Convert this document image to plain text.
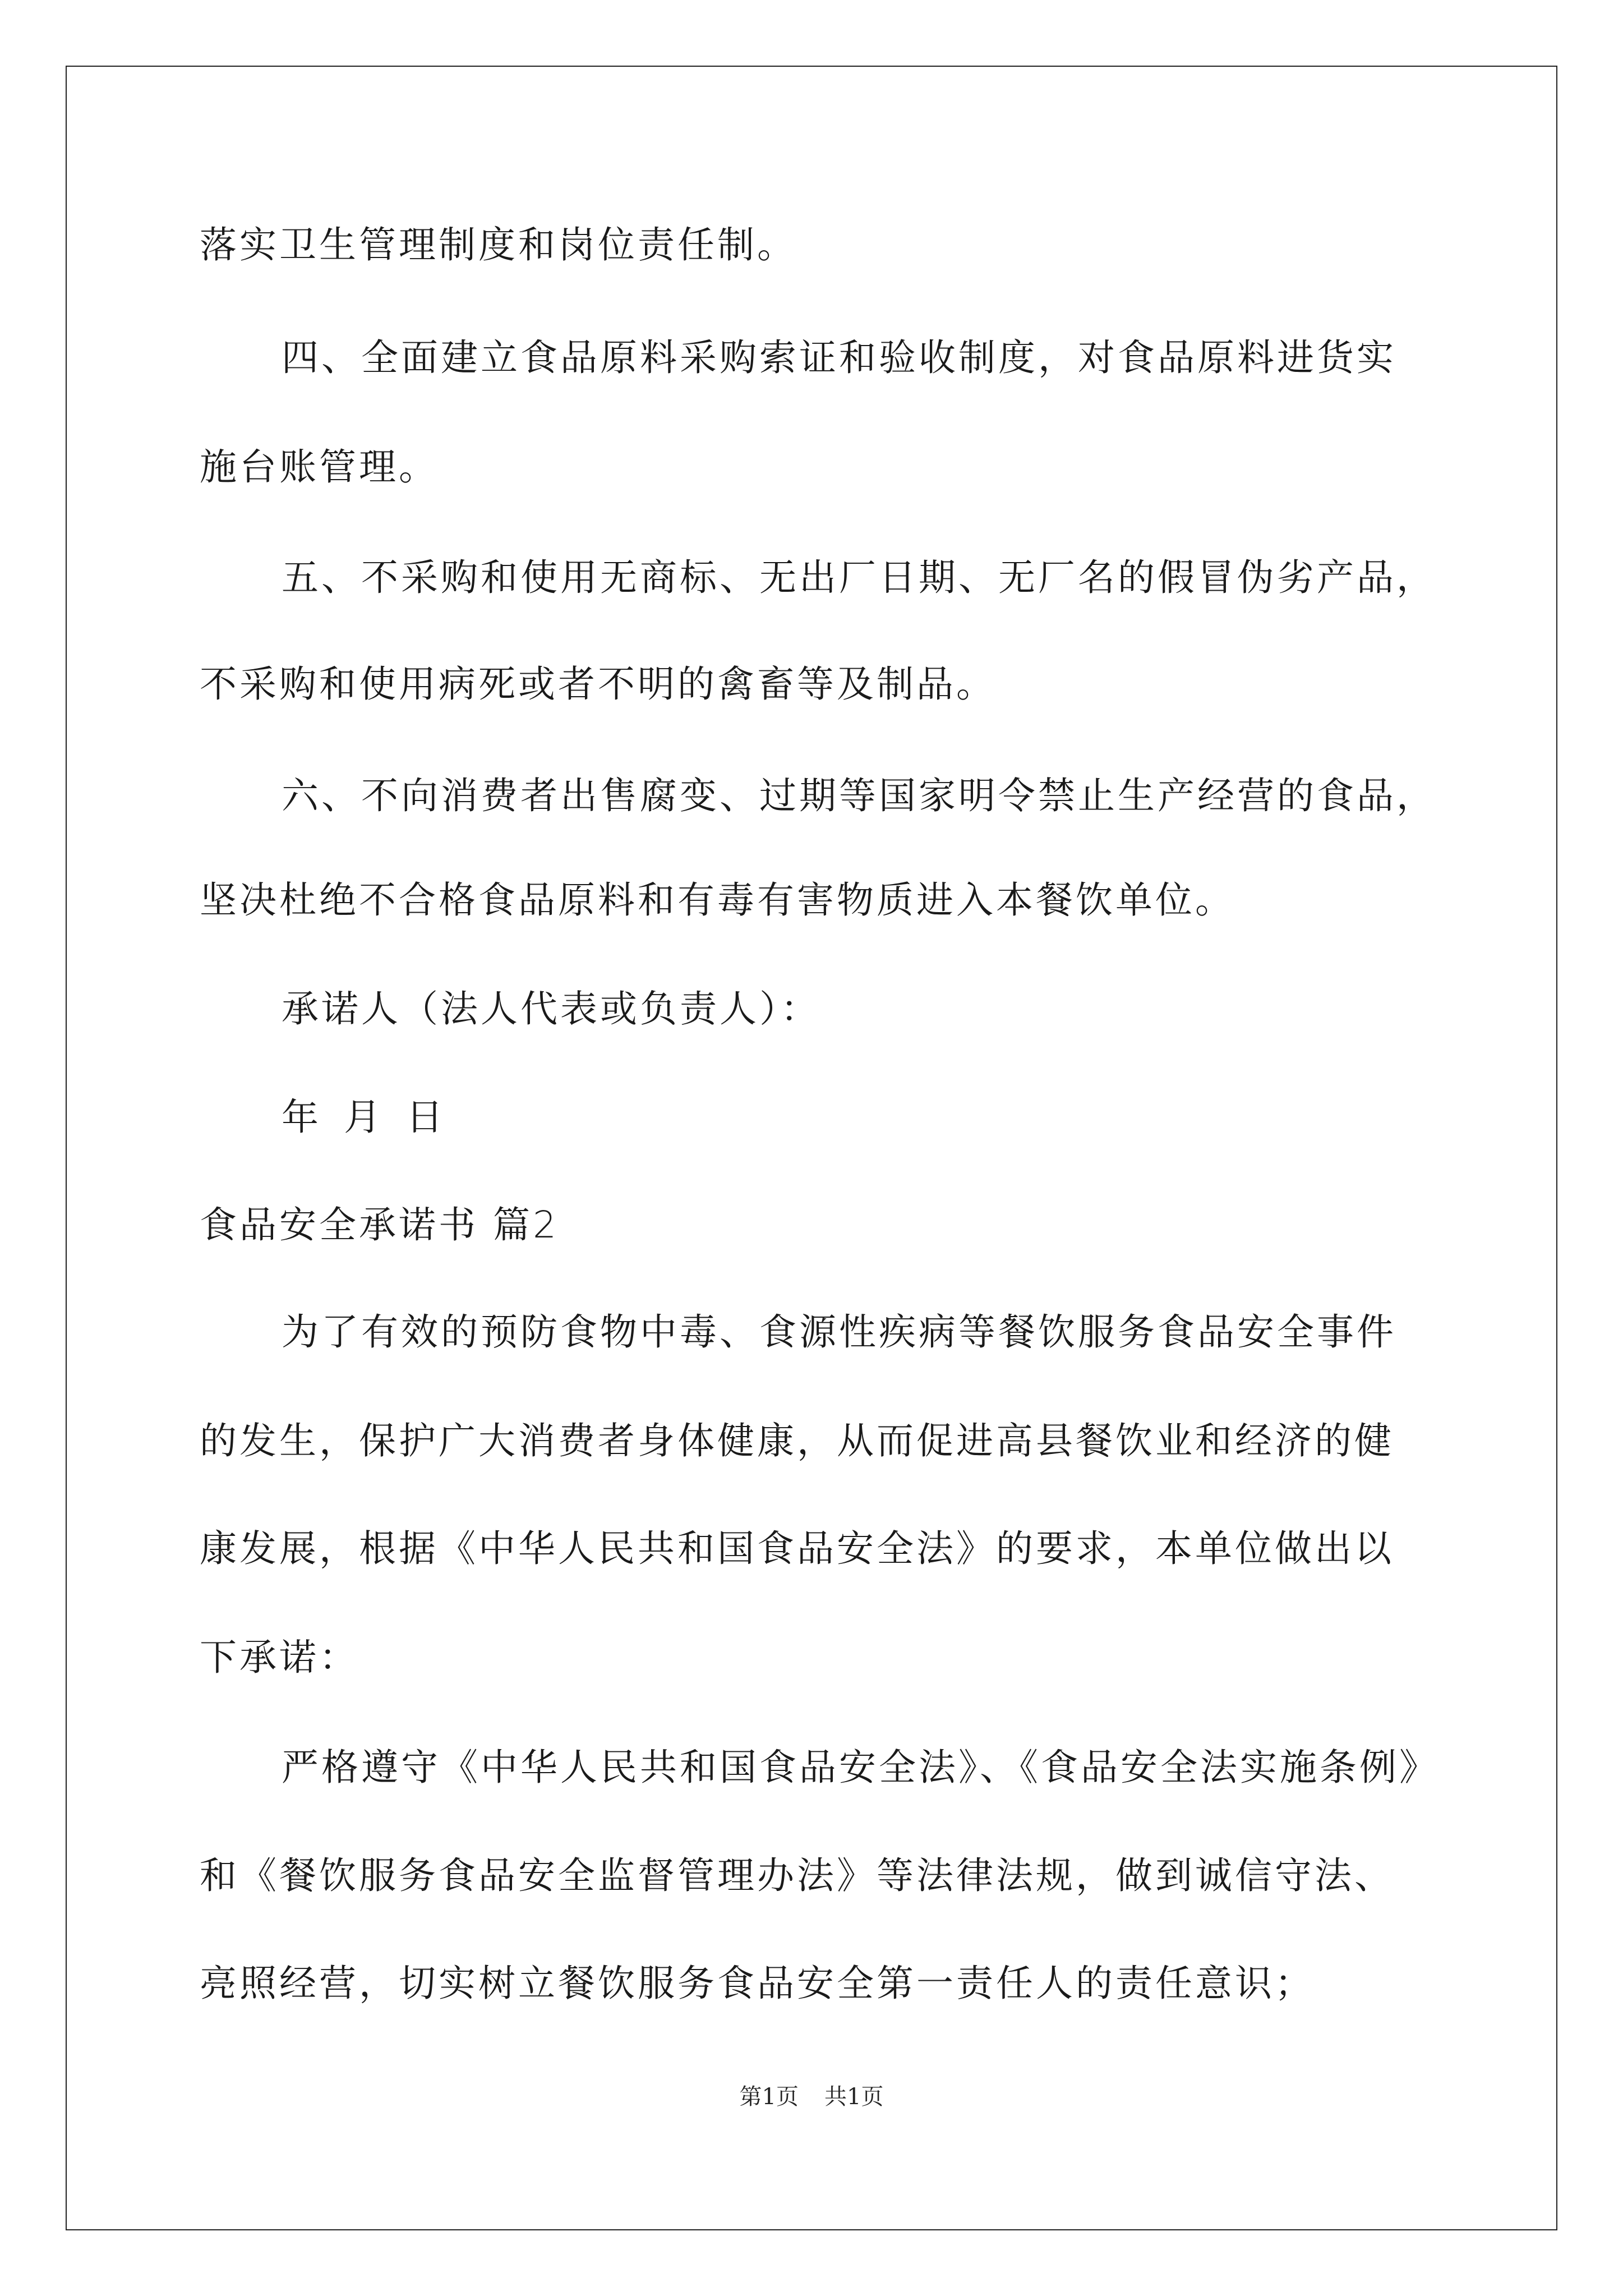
落实卫生管理制度和岗位责任制。
四、全面建立食品原料采购索证和验收制度，对食品原料进货实
施台账管理。
五、不采购和使用无商标、无出厂日期、无厂名的假冒伪劣产品，
不采购和使用病死或者不明的禽畜等及制品。
六、不向消费者出售腐变、过期等国家明令禁止生产经营的食品，
坚决杜绝不合格食品原料和有毒有害物质进入本餐饮单位。
承诺人（法人代表或负责人）：
年 月 日
食品安全承诺书 篇2
为了有效的预防食物中毒、食源性疾病等餐饮服务食品安全事件
的发生，保护广大消费者身体健康，从而促进高县餐饮业和经济的健
康发展，根据《中华人民共和国食品安全法》的要求，本单位做出以
下承诺：
严格遵守《中华人民共和国食品安全法》、《食品安全法实施条例》
和《餐饮服务食品安全监督管理办法》等法律法规，做到诚信守法、
亮照经营，切实树立餐饮服务食品安全第一责任人的责任意识；
第1页 共1页
